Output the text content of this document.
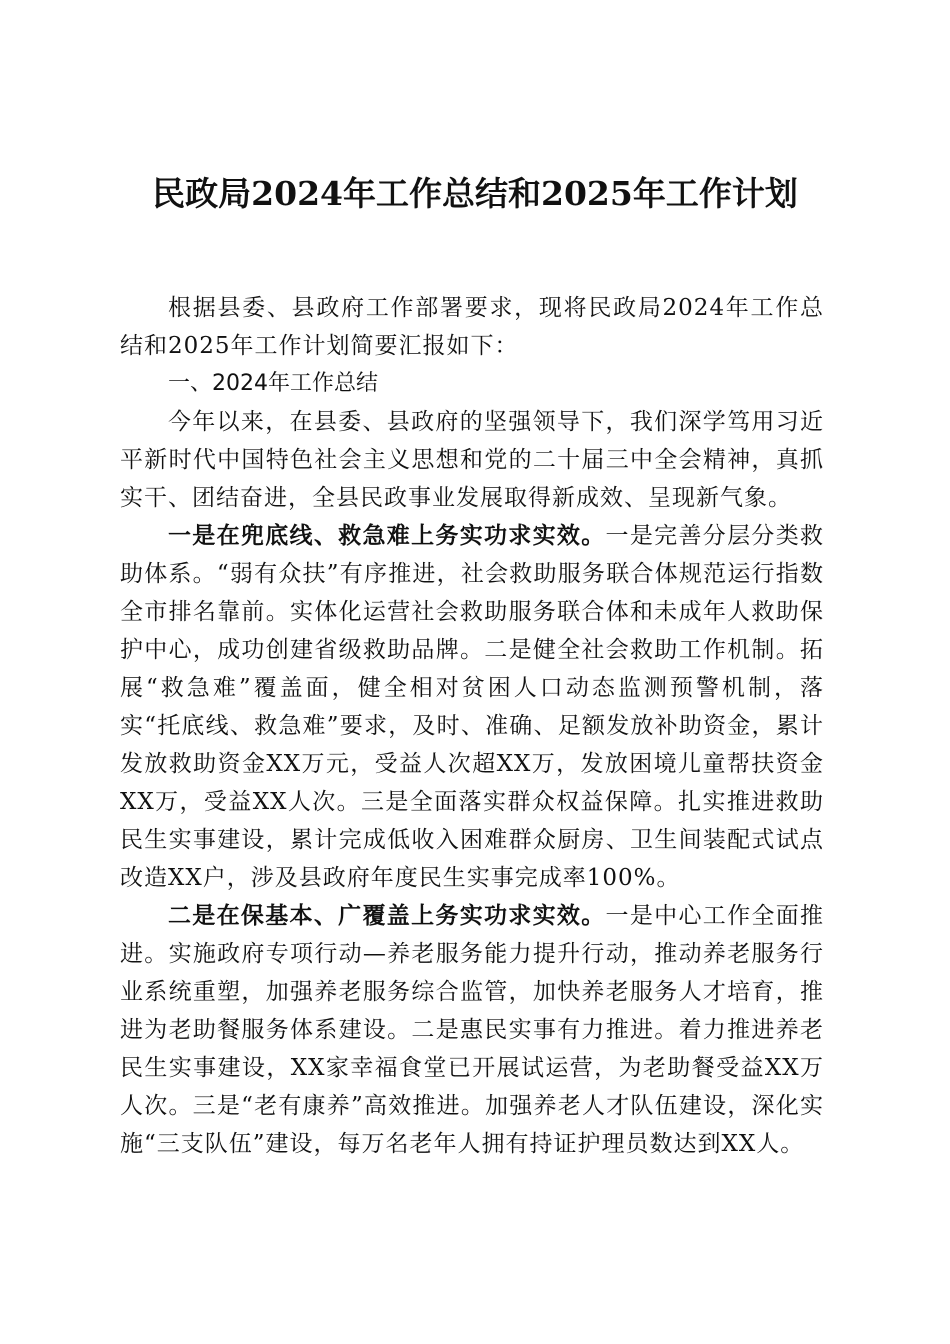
民政局2024年工作总结和2025年工作计划

根据县委、县政府工作部署要求，现将民政局2024年工作总结和2025年工作计划简要汇报如下：

一、2024年工作总结

今年以来，在县委、县政府的坚强领导下，我们深学笃用习近平新时代中国特色社会主义思想和党的二十届三中全会精神，真抓实干、团结奋进，全县民政事业发展取得新成效、呈现新气象。

一是在兜底线、救急难上务实功求实效。一是完善分层分类救助体系。“弱有众扶”有序推进，社会救助服务联合体规范运行指数全市排名靠前。实体化运营社会救助服务联合体和未成年人救助保护中心，成功创建省级救助品牌。二是健全社会救助工作机制。拓展“救急难”覆盖面，健全相对贫困人口动态监测预警机制，落实“托底线、救急难”要求，及时、准确、足额发放补助资金，累计发放救助资金XX万元，受益人次超XX万，发放困境儿童帮扶资金XX万，受益XX人次。三是全面落实群众权益保障。扎实推进救助民生实事建设，累计完成低收入困难群众厨房、卫生间装配式试点改造XX户，涉及县政府年度民生实事完成率100%。

二是在保基本、广覆盖上务实功求实效。一是中心工作全面推进。实施政府专项行动—养老服务能力提升行动，推动养老服务行业系统重塑，加强养老服务综合监管，加快养老服务人才培育，推进为老助餐服务体系建设。二是惠民实事有力推进。着力推进养老民生实事建设，XX家幸福食堂已开展试运营，为老助餐受益XX万人次。三是“老有康养”高效推进。加强养老人才队伍建设，深化实施“三支队伍”建设，每万名老年人拥有持证护理员数达到XX人。
